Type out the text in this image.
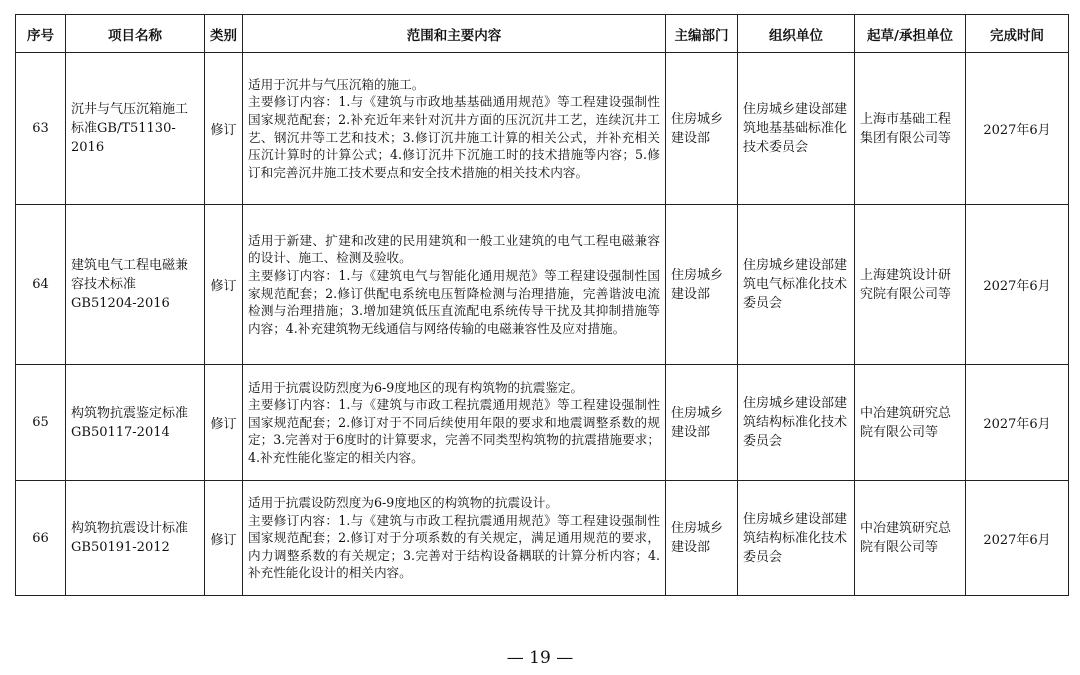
序号	项目名称	类别	范围和主要内容	主编部门	组织单位	起草/承担单位	完成时间
63	沉井与气压沉箱施工标准GB/T51130-2016	修订	适用于沉井与气压沉箱的施工。
主要修订内容：1.与《建筑与市政地基基础通用规范》等工程建设强制性国家规范配套；2.补充近年来针对沉井方面的压沉沉井工艺，连续沉井工艺、钢沉井等工艺和技术；3.修订沉井施工计算的相关公式，并补充相关压沉计算时的计算公式；4.修订沉井下沉施工时的技术措施等内容；5.修订和完善沉井施工技术要点和安全技术措施的相关技术内容。	住房城乡建设部	住房城乡建设部建筑地基基础标准化技术委员会	上海市基础工程集团有限公司等	2027年6月
64	建筑电气工程电磁兼容技术标准GB51204-2016	修订	适用于新建、扩建和改建的民用建筑和一般工业建筑的电气工程电磁兼容的设计、施工、检测及验收。
主要修订内容：1.与《建筑电气与智能化通用规范》等工程建设强制性国家规范配套；2.修订供配电系统电压暂降检测与治理措施，完善谐波电流检测与治理措施；3.增加建筑低压直流配电系统传导干扰及其抑制措施等内容；4.补充建筑物无线通信与网络传输的电磁兼容性及应对措施。	住房城乡建设部	住房城乡建设部建筑电气标准化技术委员会	上海建筑设计研究院有限公司等	2027年6月
65	构筑物抗震鉴定标准GB50117-2014	修订	适用于抗震设防烈度为6-9度地区的现有构筑物的抗震鉴定。
主要修订内容：1.与《建筑与市政工程抗震通用规范》等工程建设强制性国家规范配套；2.修订对于不同后续使用年限的要求和地震调整系数的规定；3.完善对于6度时的计算要求，完善不同类型构筑物的抗震措施要求；4.补充性能化鉴定的相关内容。	住房城乡建设部	住房城乡建设部建筑结构标准化技术委员会	中冶建筑研究总院有限公司等	2027年6月
66	构筑物抗震设计标准GB50191-2012	修订	适用于抗震设防烈度为6-9度地区的构筑物的抗震设计。
主要修订内容：1.与《建筑与市政工程抗震通用规范》等工程建设强制性国家规范配套；2.修订对于分项系数的有关规定，满足通用规范的要求，内力调整系数的有关规定；3.完善对于结构设备耦联的计算分析内容；4.补充性能化设计的相关内容。	住房城乡建设部	住房城乡建设部建筑结构标准化技术委员会	中冶建筑研究总院有限公司等	2027年6月
— 19 —
